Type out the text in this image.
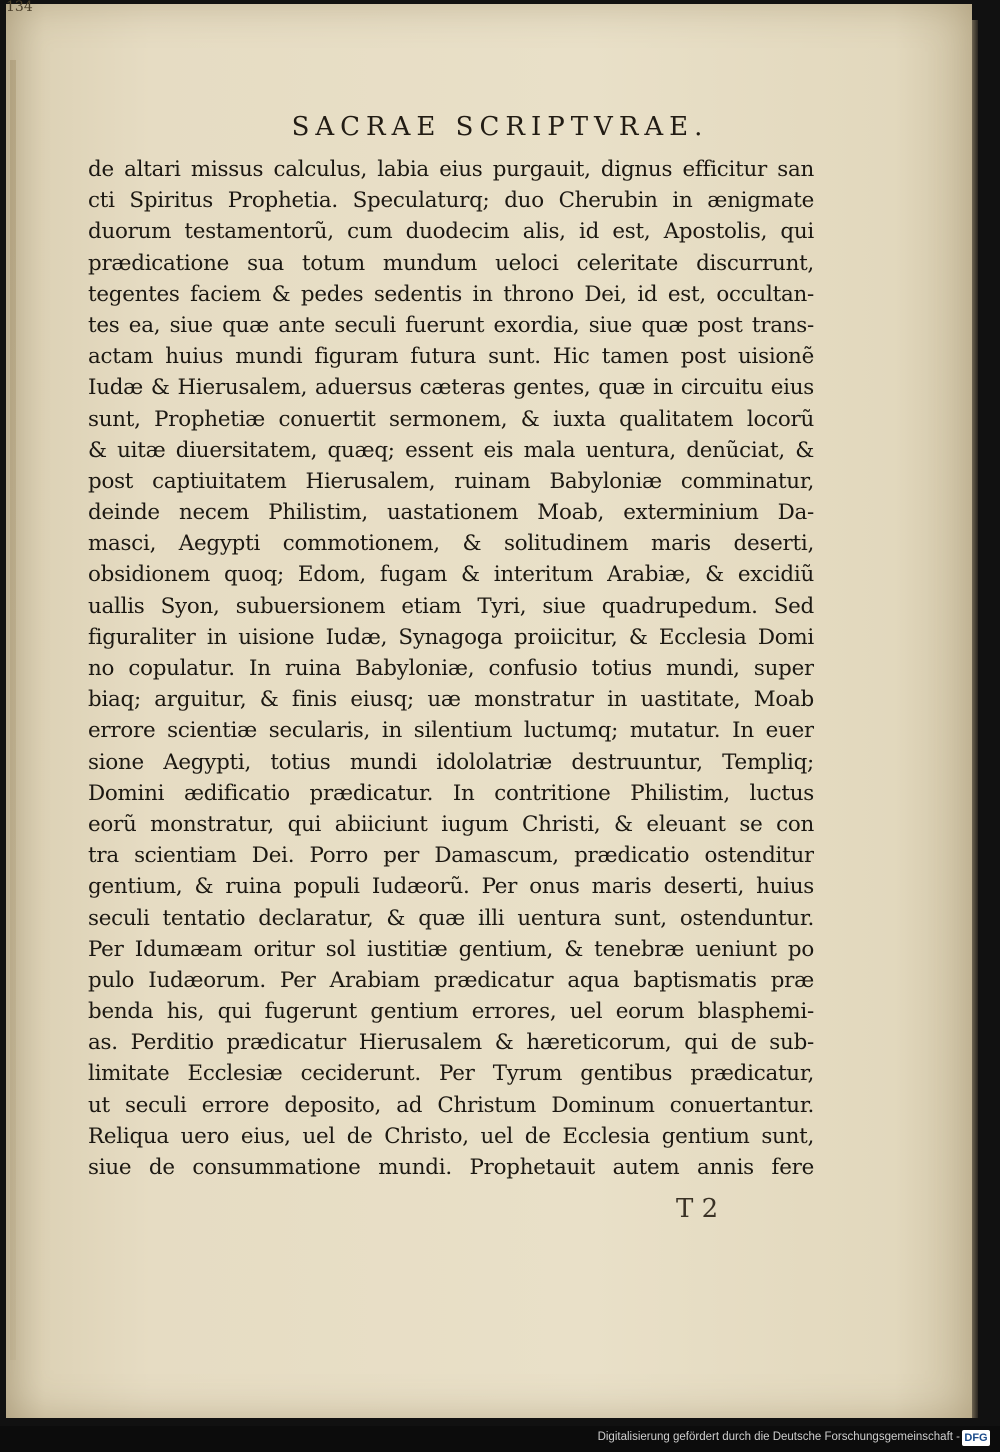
134
SACRAE SCRIPTVRAE.
de altari missus calculus, labia eius purgauit, dignus efficitur san
cti Spiritus Prophetia. Speculaturq; duo Cherubin in ænigmate
duorum testamentorũ, cum duodecim alis, id est, Apostolis, qui
prædicatione sua totum mundum ueloci celeritate discurrunt,
tegentes faciem & pedes sedentis in throno Dei, id est, occultan-
tes ea, siue quæ ante seculi fuerunt exordia, siue quæ post trans-
actam huius mundi figuram futura sunt. Hic tamen post uisionẽ
Iudæ & Hierusalem, aduersus cæteras gentes, quæ in circuitu eius
sunt, Prophetiæ conuertit sermonem, & iuxta qualitatem locorũ
& uitæ diuersitatem, quæq; essent eis mala uentura, denũciat, &
post captiuitatem Hierusalem, ruinam Babyloniæ comminatur,
deinde necem Philistim, uastationem Moab, exterminium Da-
masci, Aegypti commotionem, & solitudinem maris deserti,
obsidionem quoq; Edom, fugam & interitum Arabiæ, & excidiũ
uallis Syon, subuersionem etiam Tyri, siue quadrupedum. Sed
figuraliter in uisione Iudæ, Synagoga proiicitur, & Ecclesia Domi
no copulatur. In ruina Babyloniæ, confusio totius mundi, super
biaq; arguitur, & finis eiusq; uæ monstratur in uastitate, Moab
errore scientiæ secularis, in silentium luctumq; mutatur. In euer
sione Aegypti, totius mundi idololatriæ destruuntur, Templiq;
Domini ædificatio prædicatur. In contritione Philistim, luctus
eorũ monstratur, qui abiiciunt iugum Christi, & eleuant se con
tra scientiam Dei. Porro per Damascum, prædicatio ostenditur
gentium, & ruina populi Iudæorũ. Per onus maris deserti, huius
seculi tentatio declaratur, & quæ illi uentura sunt, ostenduntur.
Per Idumæam oritur sol iustitiæ gentium, & tenebræ ueniunt po
pulo Iudæorum. Per Arabiam prædicatur aqua baptismatis præ
benda his, qui fugerunt gentium errores, uel eorum blasphemi-
as. Perditio prædicatur Hierusalem & hæreticorum, qui de sub-
limitate Ecclesiæ ceciderunt. Per Tyrum gentibus prædicatur,
ut seculi errore deposito, ad Christum Dominum conuertantur.
Reliqua uero eius, uel de Christo, uel de Ecclesia gentium sunt,
siue de consummatione mundi. Prophetauit autem annis fere
T 2
Digitalisierung gefördert durch die Deutsche Forschungsgemeinschaft - DFG
